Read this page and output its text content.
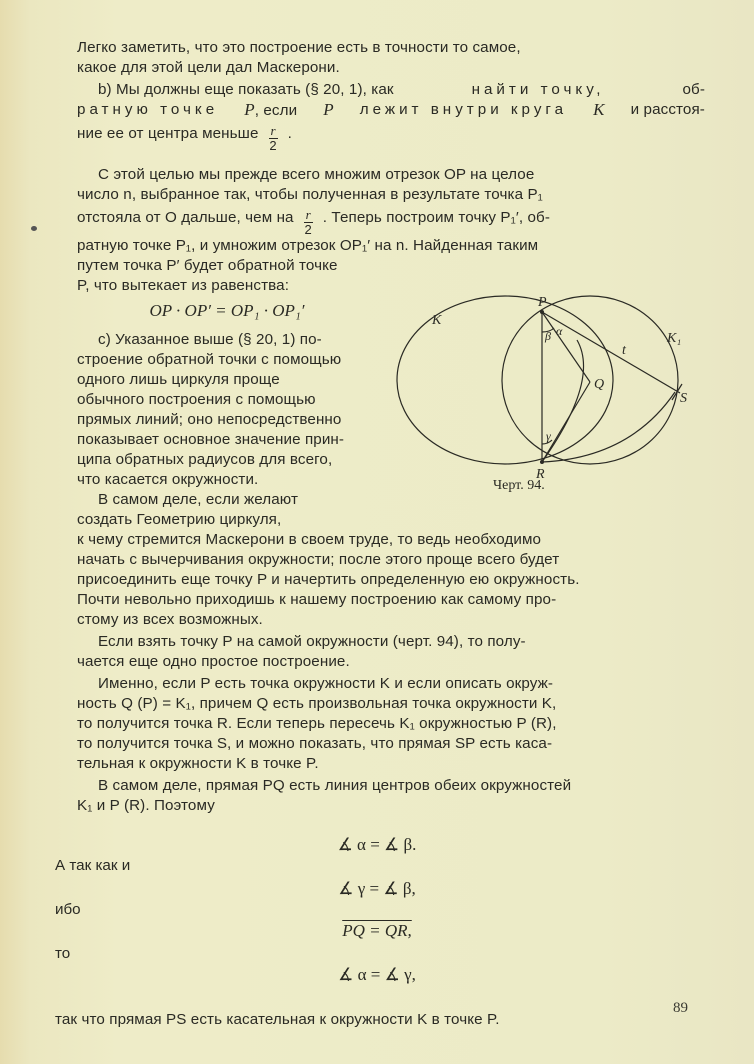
Легко заметить, что это построение есть в точности то самое,
какое для этой цели дал Маскерони.
b) Мы должны еще показать (§ 20, 1), как	найти точку,	об-
ратную точке P, если P лежит внутри круга K и расстоя-
ние ее от центра меньше $\frac{r}{2}$ .
С этой целью мы прежде всего множим отрезок OP на целое
число n, выбранное так, чтобы полученная в результате точка P₁
отстояла от O дальше, чем на $\frac{r}{2}$ . Теперь построим точку P₁′, об-
ратную точке P₁, и умножим отрезок OP₁′ на n. Найденная таким
путем точка P′ будет обратной точке
P, что вытекает из равенства:
OP · OP′ = OP₁ · OP₁′
с) Указанное выше (§ 20, 1) по-
строение обратной точки с помощью
одного лишь циркуля проще
обычного построения с помощью
прямых линий; оно непосредственно
показывает основное значение прин-
ципа обратных радиусов для всего,
что касается окружности.
В самом деле, если желают
создать Геометрию циркуля,
к чему стремится Маскерони в своем труде, то ведь необходимо
начать с вычерчивания окружности; после этого проще всего будет
присоединить еще точку P и начертить определенную ею окружность.
Почти невольно приходишь к нашему построению как самому про-
стому из всех возможных.
Если взять точку P на самой окружности (черт. 94), то полу-
чается еще одно простое построение.
Именно, если P есть точка окружности K и если описать окруж-
ность Q (P) = K₁, причем Q есть произвольная точка окружности K,
то получится точка R. Если теперь пересечь K₁ окружностью P (R),
то получится точка S, и можно показать, что прямая SP есть каса-
тельная к окружности K в точке P.
В самом деле, прямая PQ есть линия центров обеих окружностей
K₁ и P (R). Поэтому
∡ α = ∡ β.
А так как и
∡ γ = ∡ β,
ибо
PQ = QR,
то
∡ α = ∡ γ,
так что прямая PS есть касательная к окружности K в точке P.
P
R
Q
S
K
K₁
t
α
β
γ
Черт. 94.
89
